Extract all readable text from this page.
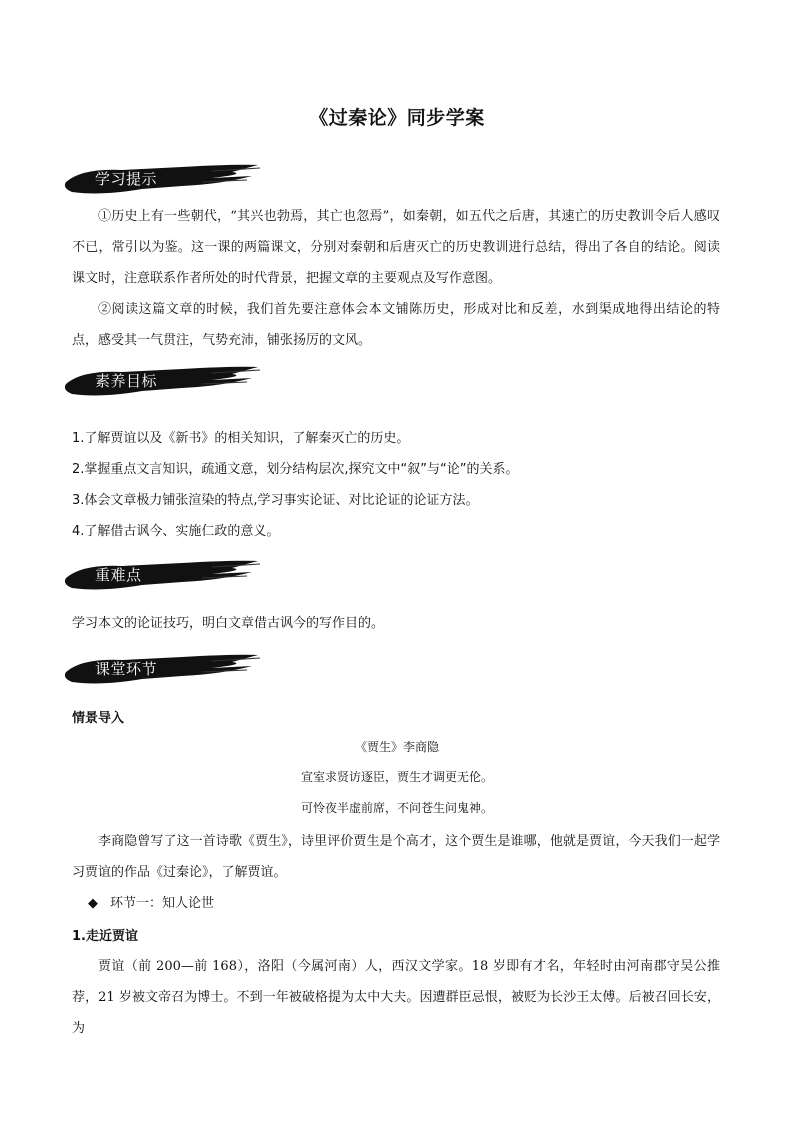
《过秦论》同步学案
学习提示
①历史上有一些朝代，“其兴也勃焉，其亡也忽焉”，如秦朝，如五代之后唐，其速亡的历史教训令后人感叹不已，常引以为鉴。这一课的两篇课文，分别对秦朝和后唐灭亡的历史教训进行总结，得出了各自的结论。阅读课文时，注意联系作者所处的时代背景，把握文章的主要观点及写作意图。
②阅读这篇文章的时候，我们首先要注意体会本文铺陈历史，形成对比和反差，水到渠成地得出结论的特点，感受其一气贯注，气势充沛，铺张扬厉的文风。
素养目标
1.了解贾谊以及《新书》的相关知识，了解秦灭亡的历史。
2.掌握重点文言知识，疏通文意，划分结构层次,探究文中“叙”与“论”的关系。
3.体会文章极力铺张渲染的特点,学习事实论证、对比论证的论证方法。
4.了解借古讽今、实施仁政的意义。
重难点
学习本文的论证技巧，明白文章借古讽今的写作目的。
课堂环节
情景导入
《贾生》李商隐
宣室求贤访逐臣，贾生才调更无伦。
可怜夜半虚前席，不问苍生问鬼神。
李商隐曾写了这一首诗歌《贾生》，诗里评价贾生是个高才，这个贾生是谁哪，他就是贾谊，今天我们一起学习贾谊的作品《过秦论》，了解贾谊。
◆ 环节一：知人论世
1.走近贾谊
贾谊（前 200—前 168），洛阳（今属河南）人，西汉文学家。18 岁即有才名，年轻时由河南郡守吴公推荐，21 岁被文帝召为博士。不到一年被破格提为太中大夫。因遭群臣忌恨，被贬为长沙王太傅。后被召回长安，为
